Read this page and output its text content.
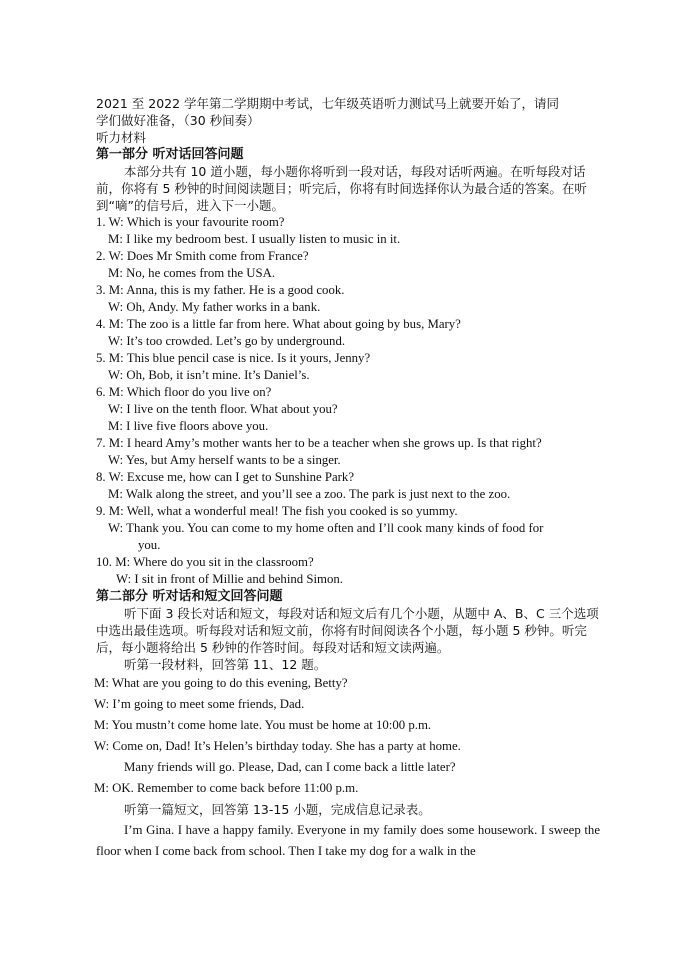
2021 至 2022 学年第二学期期中考试，七年级英语听力测试马上就要开始了，请同
学们做好准备，（30 秒间奏）
听力材料
第一部分 听对话回答问题
本部分共有 10 道小题，每小题你将听到一段对话，每段对话听两遍。在听每段对话前，你将有 5 秒钟的时间阅读题目；听完后，你将有时间选择你认为最合适的答案。在听到“嘀”的信号后，进入下一小题。
1. W: Which is your favourite room?
M: I like my bedroom best. I usually listen to music in it.
2. W: Does Mr Smith come from France?
M: No, he comes from the USA.
3. M: Anna, this is my father. He is a good cook.
W: Oh, Andy. My father works in a bank.
4. M: The zoo is a little far from here. What about going by bus, Mary?
W: It’s too crowded. Let’s go by underground.
5. M: This blue pencil case is nice. Is it yours, Jenny?
W: Oh, Bob, it isn’t mine. It’s Daniel’s.
6. M: Which floor do you live on?
W: I live on the tenth floor. What about you?
M: I live five floors above you.
7. M: I heard Amy’s mother wants her to be a teacher when she grows up. Is that right?
W: Yes, but Amy herself wants to be a singer.
8. W: Excuse me, how can I get to Sunshine Park?
M: Walk along the street, and you’ll see a zoo. The park is just next to the zoo.
9. M: Well, what a wonderful meal! The fish you cooked is so yummy.
W: Thank you. You can come to my home often and I’ll cook many kinds of food for
you.
10. M: Where do you sit in the classroom?
W: I sit in front of Millie and behind Simon.
第二部分 听对话和短文回答问题
听下面 3 段长对话和短文，每段对话和短文后有几个小题，从题中 A、B、C 三个选项中选出最佳选项。听每段对话和短文前，你将有时间阅读各个小题，每小题 5 秒钟。听完后，每小题将给出 5 秒钟的作答时间。每段对话和短文读两遍。
听第一段材料，回答第 11、12 题。
M: What are you going to do this evening, Betty?
W: I’m going to meet some friends, Dad.
M: You mustn’t come home late. You must be home at 10:00 p.m.
W: Come on, Dad! It’s Helen’s birthday today. She has a party at home.
Many friends will go. Please, Dad, can I come back a little later?
M: OK. Remember to come back before 11:00 p.m.
听第一篇短文，回答第 13-15 小题，完成信息记录表。
I’m Gina. I have a happy family. Everyone in my family does some housework. I sweep the floor when I come back from school. Then I take my dog for a walk in the
